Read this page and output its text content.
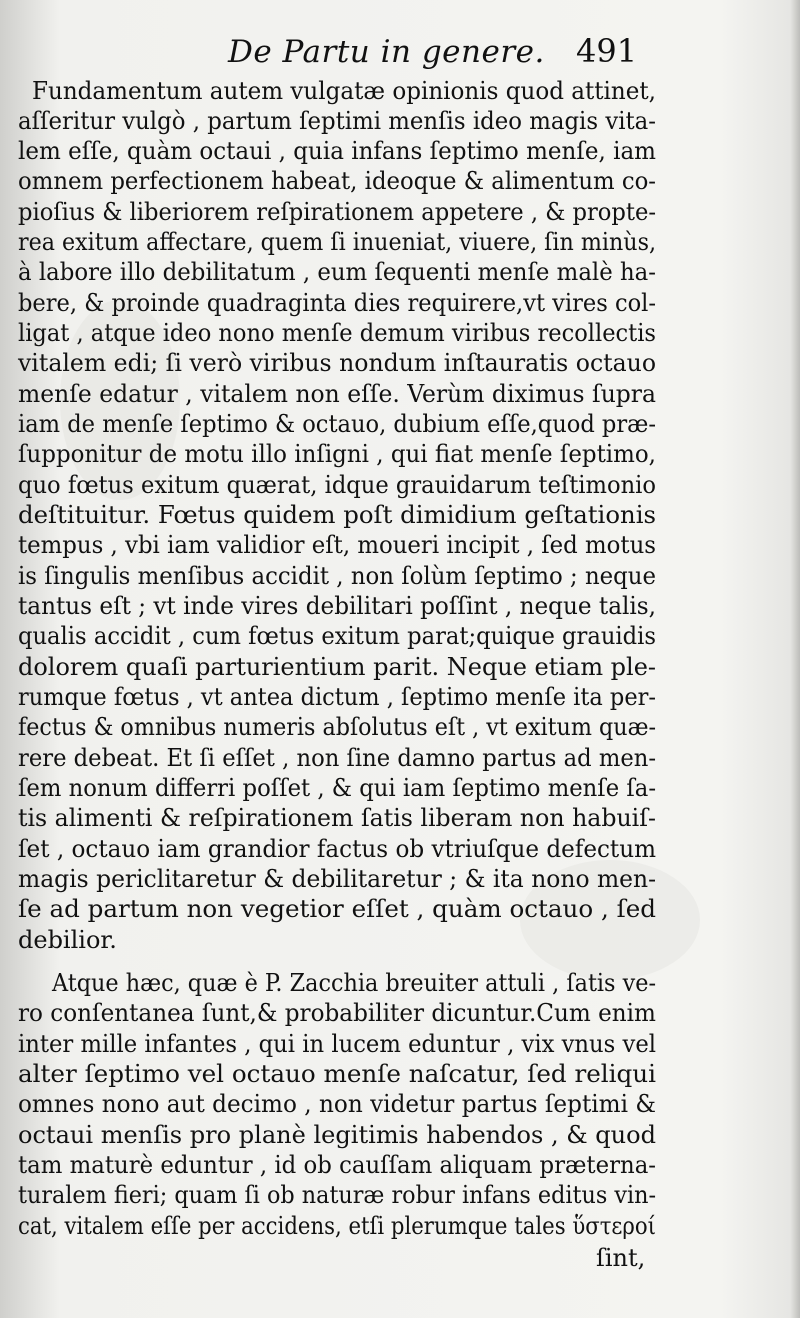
De Partu in genere. 491
Fundamentum autem vulgatæ opinionis quod attinet,
aſſeritur vulgò , partum ſeptimi menſis ideo magis vita-
lem eſſe, quàm octaui , quia infans ſeptimo menſe, iam
omnem perfectionem habeat, ideoque & alimentum co-
pioſius & liberiorem reſpirationem appetere , & propte-
rea exitum affectare, quem ſi inueniat, viuere, ſin minùs,
à labore illo debilitatum , eum ſequenti menſe malè ha-
bere, & proinde quadraginta dies requirere,vt vires col-
ligat , atque ideo nono menſe demum viribus recollectis
vitalem edi; ſi verò viribus nondum inſtauratis octauo
menſe edatur , vitalem non eſſe. Verùm diximus ſupra
iam de menſe ſeptimo & octauo, dubium eſſe,quod præ-
ſupponitur de motu illo inſigni , qui fiat menſe ſeptimo,
quo fœtus exitum quærat, idque grauidarum teſtimonio
deſtituitur. Fœtus quidem poſt dimidium geſtationis
tempus , vbi iam validior eſt, moueri incipit , ſed motus
is ſingulis menſibus accidit , non ſolùm ſeptimo ; neque
tantus eſt ; vt inde vires debilitari poſſint , neque talis,
qualis accidit , cum fœtus exitum parat;quique grauidis
dolorem quaſi parturientium parit. Neque etiam ple-
rumque fœtus , vt antea dictum , ſeptimo menſe ita per-
fectus & omnibus numeris abſolutus eſt , vt exitum quæ-
rere debeat. Et ſi eſſet , non ſine damno partus ad men-
ſem nonum differri poſſet , & qui iam ſeptimo menſe ſa-
tis alimenti & reſpirationem ſatis liberam non habuiſ-
ſet , octauo iam grandior factus ob vtriuſque defectum
magis periclitaretur & debilitaretur ; & ita nono men-
ſe ad partum non vegetior eſſet , quàm octauo , ſed
debilior.
Atque hæc, quæ è P. Zacchia breuiter attuli , ſatis ve-
ro conſentanea ſunt,& probabiliter dicuntur.Cum enim
inter mille infantes , qui in lucem eduntur , vix vnus vel
alter ſeptimo vel octauo menſe naſcatur, ſed reliqui
omnes nono aut decimo , non videtur partus ſeptimi &
octaui menſis pro planè legitimis habendos , & quod
tam maturè eduntur , id ob cauſſam aliquam præterna-
turalem fieri; quam ſi ob naturæ robur infans editus vin-
cat, vitalem eſſe per accidens, etſi plerumque tales ὕστεροί
ſint,
